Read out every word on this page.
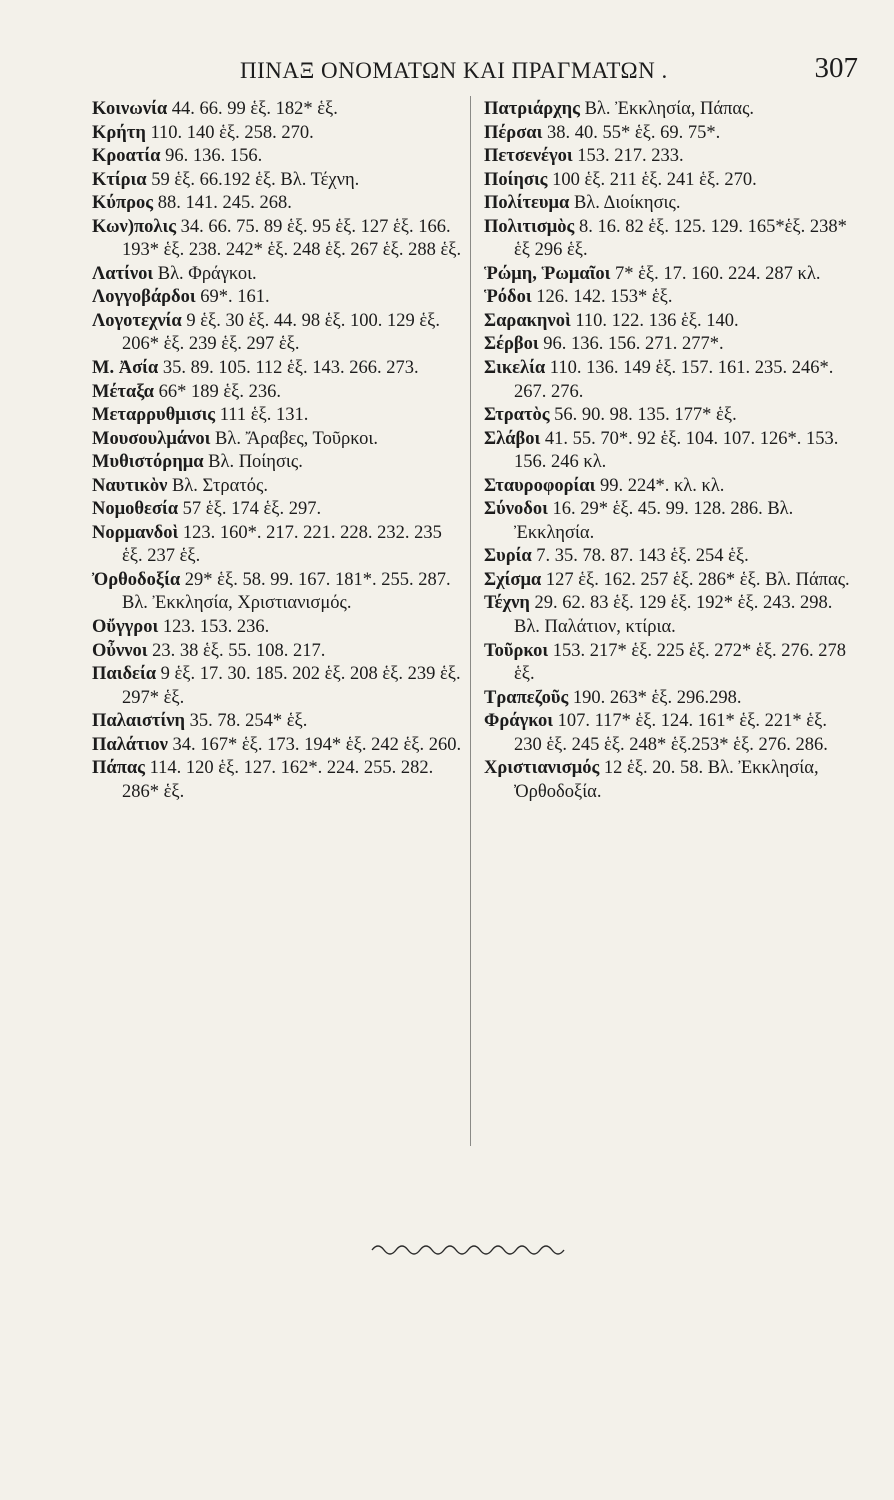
ΠΙΝΑΞ ΟΝΟΜΑΤΩΝ ΚΑΙ ΠΡΑΓΜΑΤΩΝ .	307

Κοινωνία 44. 66. 99 ἑξ. 182* ἑξ.

Κρήτη 110. 140 ἑξ. 258. 270.

Κροατία 96. 136. 156.

Κτίρια 59 ἑξ. 66.192 ἑξ. Βλ. Τέχνη.

Κύπρος 88. 141. 245. 268.

Κων)πολις 34. 66. 75. 89 ἑξ. 95 ἑξ. 127 ἑξ. 166. 193* ἑξ. 238. 242* ἑξ. 248 ἑξ. 267 ἑξ. 288 ἑξ.

Λατίνοι Βλ. Φράγκοι.

Λογγοβάρδοι 69*. 161.

Λογοτεχνία 9 ἑξ. 30 ἑξ. 44. 98 ἑξ. 100. 129 ἑξ. 206* ἑξ. 239 ἑξ. 297 ἑξ.

Μ. Ἀσία 35. 89. 105. 112 ἑξ. 143. 266. 273.

Μέταξα 66* 189 ἑξ. 236.

Μεταρρυθμισις 111 ἑξ. 131.

Μουσουλμάνοι Βλ. Ἄραβες, Τοῦρκοι.

Μυθιστόρημα Βλ. Ποίησις.

Ναυτικὸν Βλ. Στρατός.

Νομοθεσία 57 ἑξ. 174 ἑξ. 297.

Νορμανδοὶ 123. 160*. 217. 221. 228. 232. 235 ἑξ. 237 ἑξ.

Ὀρθοδοξία 29* ἑξ. 58. 99. 167. 181*. 255. 287. Βλ. Ἐκκλησία, Χριστιανισμός.

Οὔγγροι 123. 153. 236.

Οὖννοι 23. 38 ἑξ. 55. 108. 217.

Παιδεία 9 ἑξ. 17. 30. 185. 202 ἑξ. 208 ἑξ. 239 ἑξ. 297* ἑξ.

Παλαιστίνη 35. 78. 254* ἑξ.

Παλάτιον 34. 167* ἑξ. 173. 194* ἑξ. 242 ἑξ. 260.

Πάπας 114. 120 ἑξ. 127. 162*. 224. 255. 282. 286* ἑξ.

Πατριάρχης Βλ. Ἐκκλησία, Πάπας.

Πέρσαι 38. 40. 55* ἑξ. 69. 75*.

Πετσενέγοι 153. 217. 233.

Ποίησις 100 ἑξ. 211 ἑξ. 241 ἑξ. 270.

Πολίτευμα Βλ. Διοίκησις.

Πολιτισμὸς 8. 16. 82 ἑξ. 125. 129. 165*ἑξ. 238* ἑξ 296 ἑξ.

Ῥώμη, Ῥωμαῖοι 7* ἑξ. 17. 160. 224. 287 κλ.

Ῥόδοι 126. 142. 153* ἑξ.

Σαρακηνοὶ 110. 122. 136 ἑξ. 140.

Σέρβοι 96. 136. 156. 271. 277*.

Σικελία 110. 136. 149 ἑξ. 157. 161. 235. 246*. 267. 276.

Στρατὸς 56. 90. 98. 135. 177* ἑξ.

Σλάβοι 41. 55. 70*. 92 ἑξ. 104. 107. 126*. 153. 156. 246 κλ.

Σταυροφορίαι 99. 224*. κλ. κλ.

Σύνοδοι 16. 29* ἑξ. 45. 99. 128. 286. Βλ. Ἐκκλησία.

Συρία 7. 35. 78. 87. 143 ἑξ. 254 ἑξ.

Σχίσμα 127 ἑξ. 162. 257 ἑξ. 286* ἑξ. Βλ. Πάπας.

Τέχνη 29. 62. 83 ἑξ. 129 ἑξ. 192* ἑξ. 243. 298. Βλ. Παλάτιον, κτίρια.

Τοῦρκοι 153. 217* ἑξ. 225 ἑξ. 272* ἑξ. 276. 278 ἑξ.

Τραπεζοῦς 190. 263* ἑξ. 296.298.

Φράγκοι 107. 117* ἑξ. 124. 161* ἑξ. 221* ἑξ. 230 ἑξ. 245 ἑξ. 248* ἑξ.253* ἑξ. 276. 286.

Χριστιανισμός 12 ἑξ. 20. 58. Βλ. Ἐκκλησία, Ὀρθοδοξία.
